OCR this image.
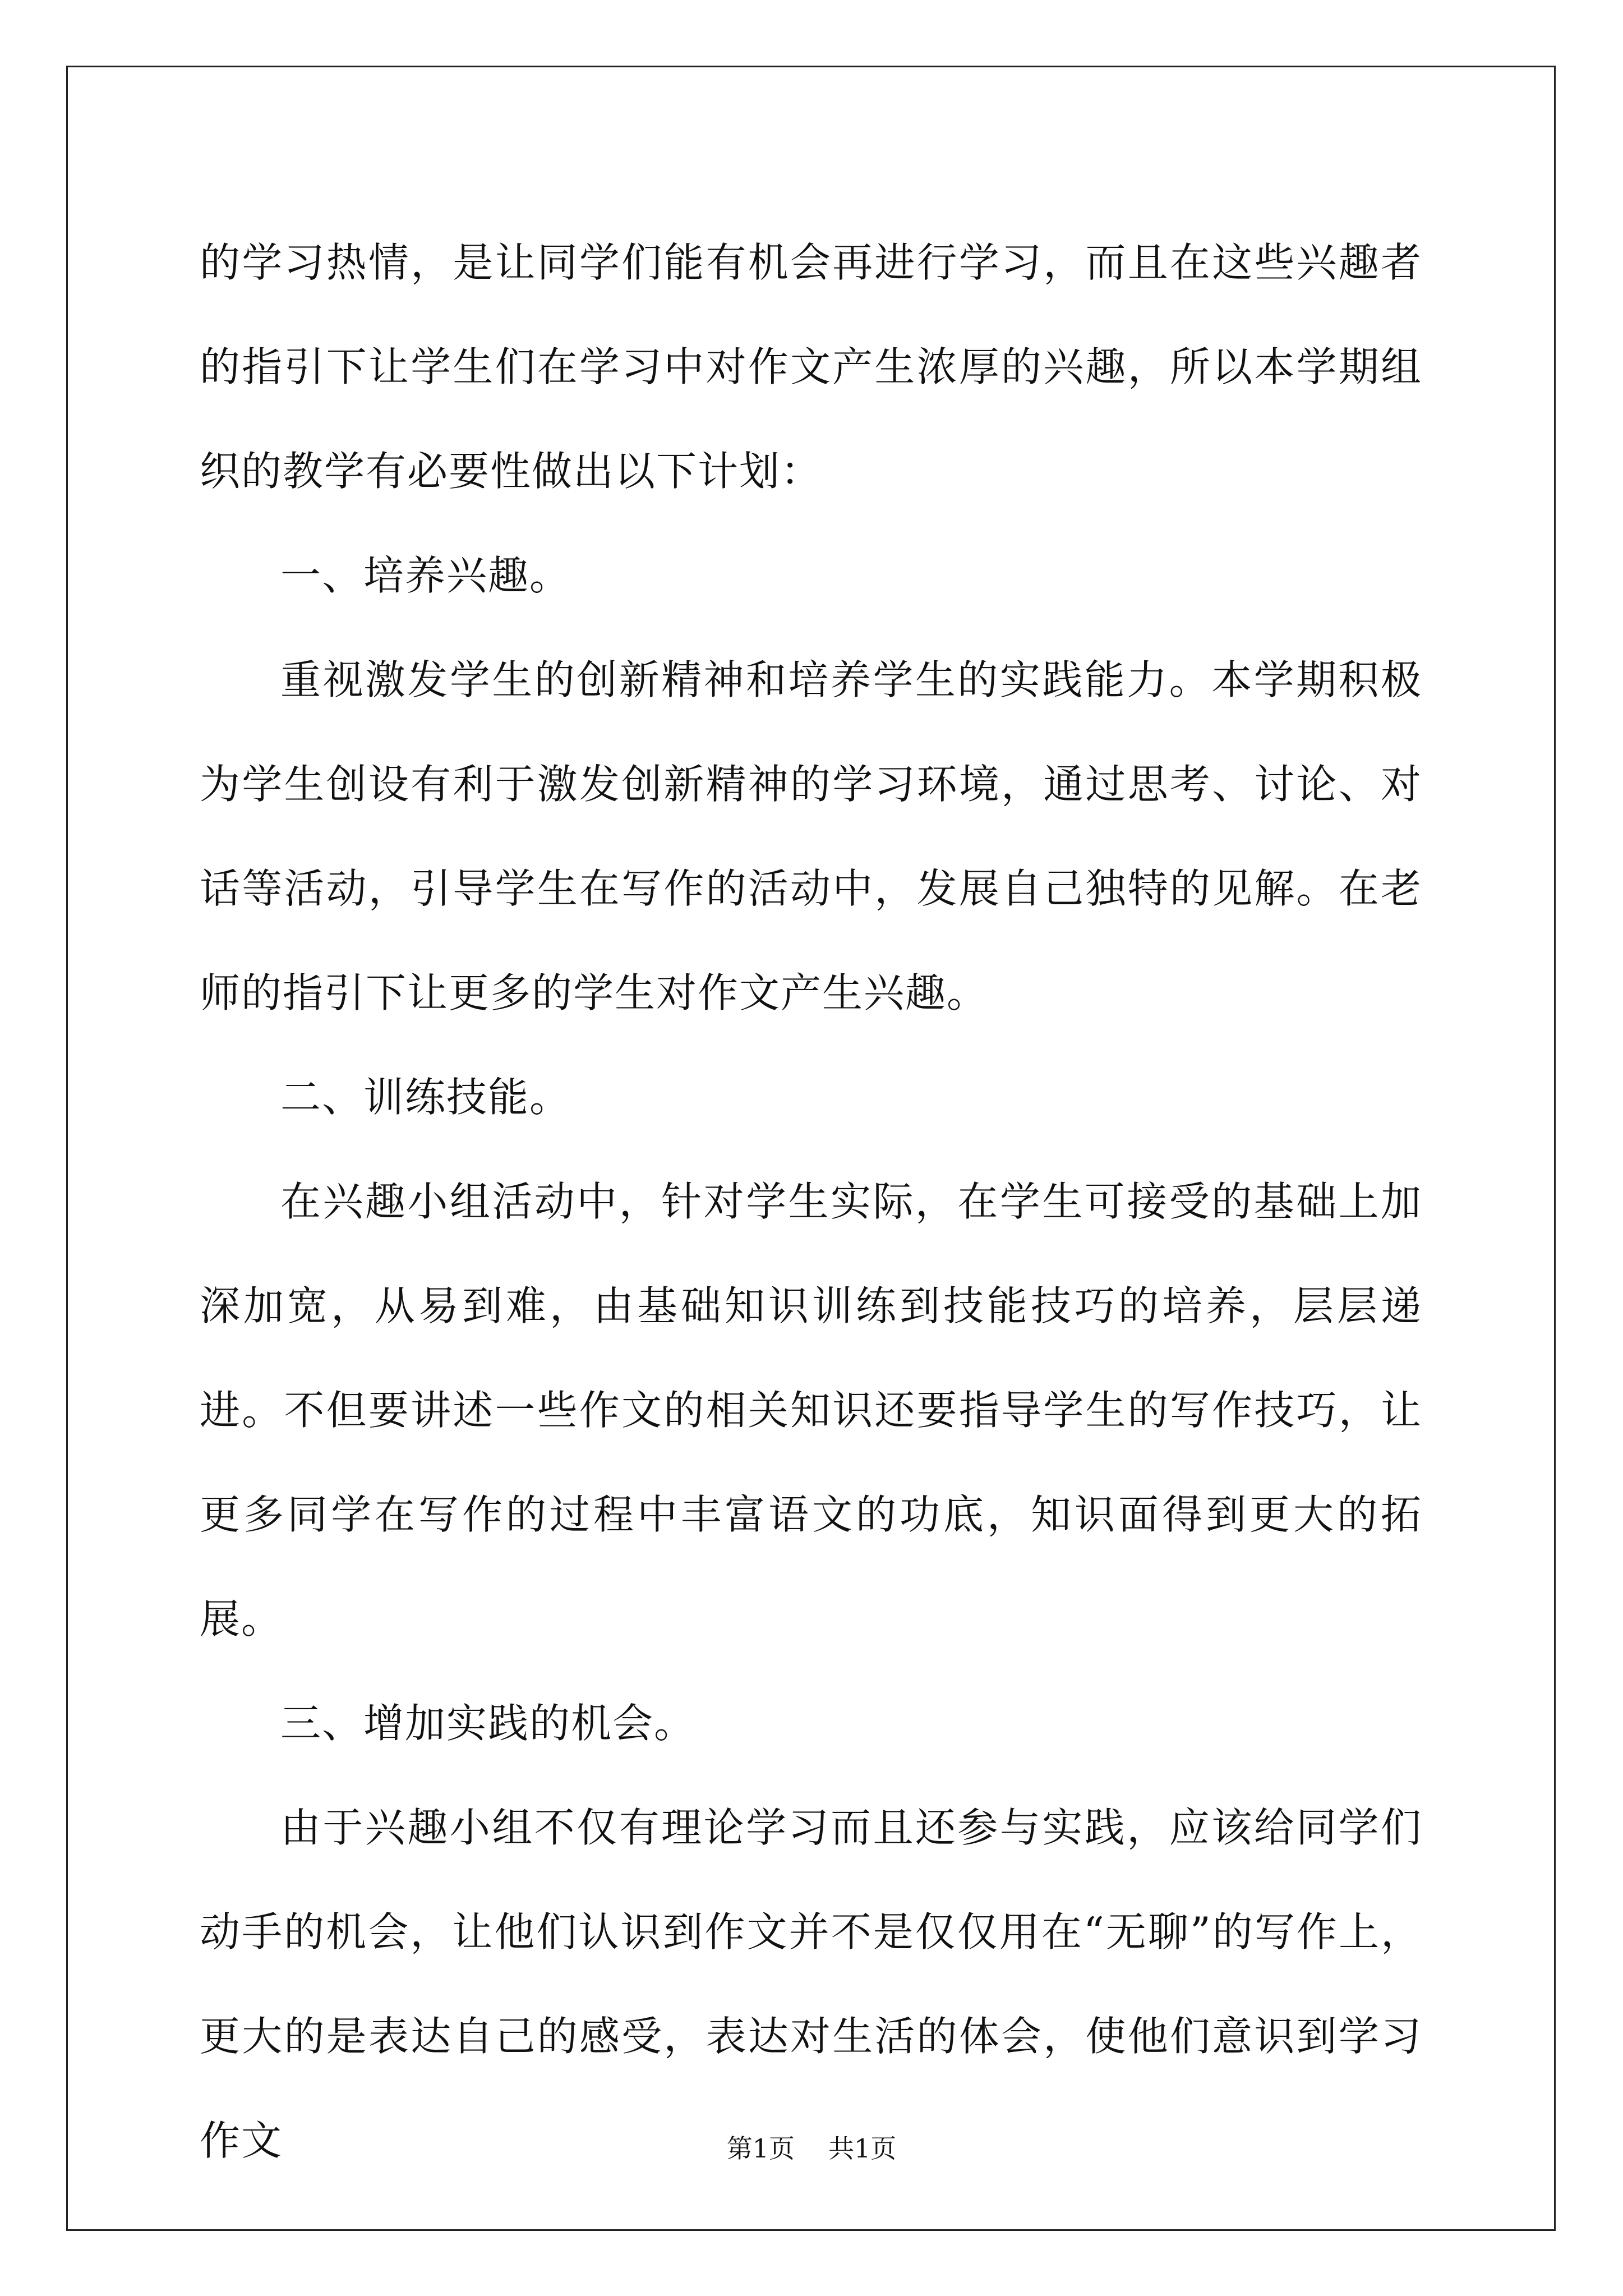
的学习热情，是让同学们能有机会再进行学习，而且在这些兴趣者的指引下让学生们在学习中对作文产生浓厚的兴趣，所以本学期组织的教学有必要性做出以下计划：

一、培养兴趣。

重视激发学生的创新精神和培养学生的实践能力。本学期积极为学生创设有利于激发创新精神的学习环境，通过思考、讨论、对话等活动，引导学生在写作的活动中，发展自己独特的见解。在老师的指引下让更多的学生对作文产生兴趣。

二、训练技能。

在兴趣小组活动中，针对学生实际，在学生可接受的基础上加深加宽，从易到难，由基础知识训练到技能技巧的培养，层层递进。不但要讲述一些作文的相关知识还要指导学生的写作技巧，让更多同学在写作的过程中丰富语文的功底，知识面得到更大的拓展。

三、增加实践的机会。

由于兴趣小组不仅有理论学习而且还参与实践，应该给同学们动手的机会，让他们认识到作文并不是仅仅用在“无聊”的写作上，更大的是表达自己的感受，表达对生活的体会，使他们意识到学习作文	第1页 共1页
